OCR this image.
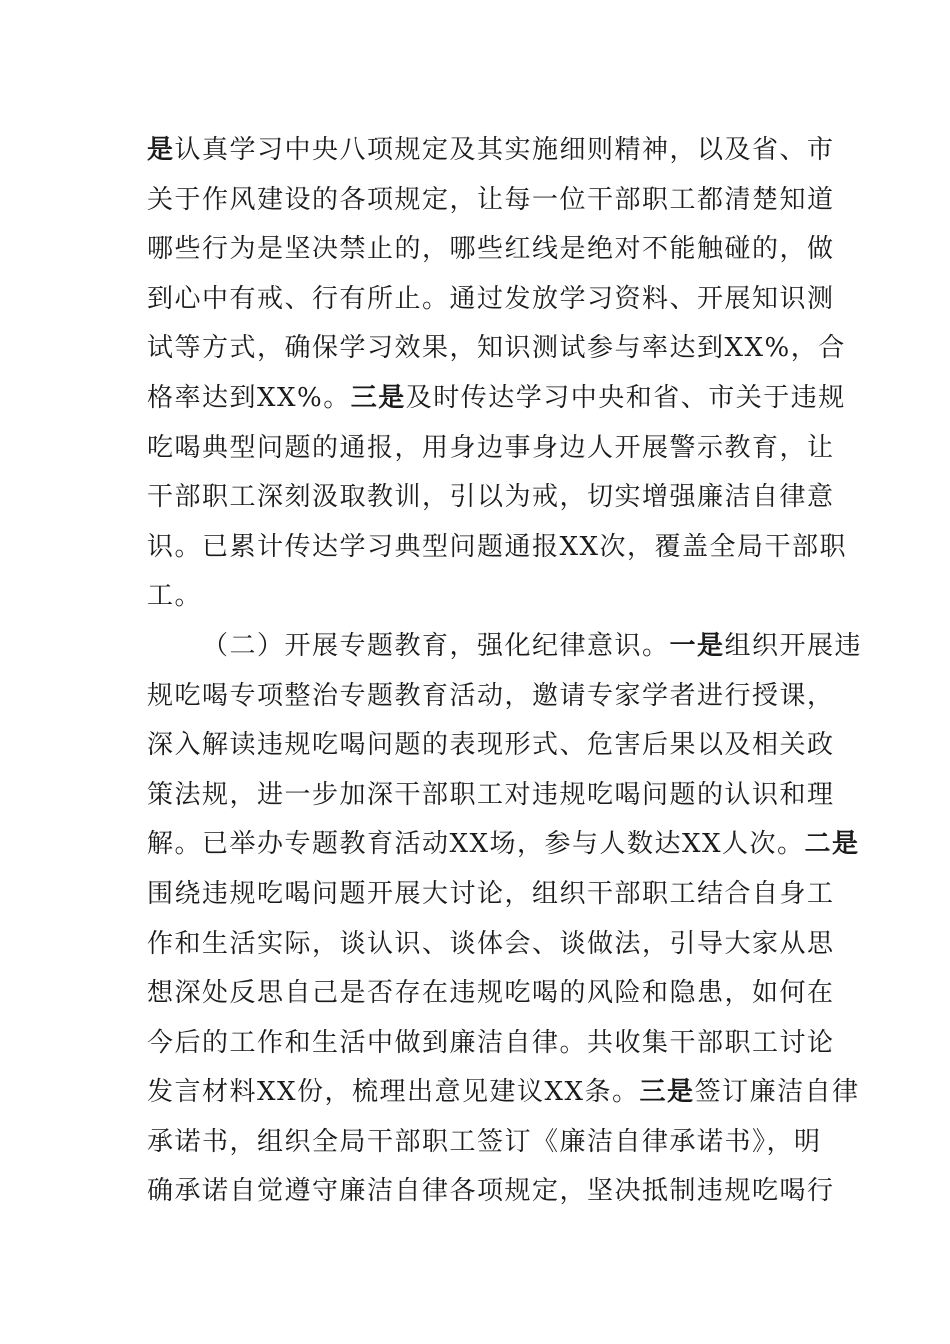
是认真学习中央八项规定及其实施细则精神，以及省、市
关于作风建设的各项规定，让每一位干部职工都清楚知道
哪些行为是坚决禁止的，哪些红线是绝对不能触碰的，做
到心中有戒、行有所止。通过发放学习资料、开展知识测
试等方式，确保学习效果，知识测试参与率达到XX%，合
格率达到XX%。三是及时传达学习中央和省、市关于违规
吃喝典型问题的通报，用身边事身边人开展警示教育，让
干部职工深刻汲取教训，引以为戒，切实增强廉洁自律意
识。已累计传达学习典型问题通报XX次，覆盖全局干部职
工。
（二）开展专题教育，强化纪律意识。一是组织开展违
规吃喝专项整治专题教育活动，邀请专家学者进行授课，
深入解读违规吃喝问题的表现形式、危害后果以及相关政
策法规，进一步加深干部职工对违规吃喝问题的认识和理
解。已举办专题教育活动XX场，参与人数达XX人次。二是
围绕违规吃喝问题开展大讨论，组织干部职工结合自身工
作和生活实际，谈认识、谈体会、谈做法，引导大家从思
想深处反思自己是否存在违规吃喝的风险和隐患，如何在
今后的工作和生活中做到廉洁自律。共收集干部职工讨论
发言材料XX份，梳理出意见建议XX条。三是签订廉洁自律
承诺书，组织全局干部职工签订《廉洁自律承诺书》，明
确承诺自觉遵守廉洁自律各项规定，坚决抵制违规吃喝行
